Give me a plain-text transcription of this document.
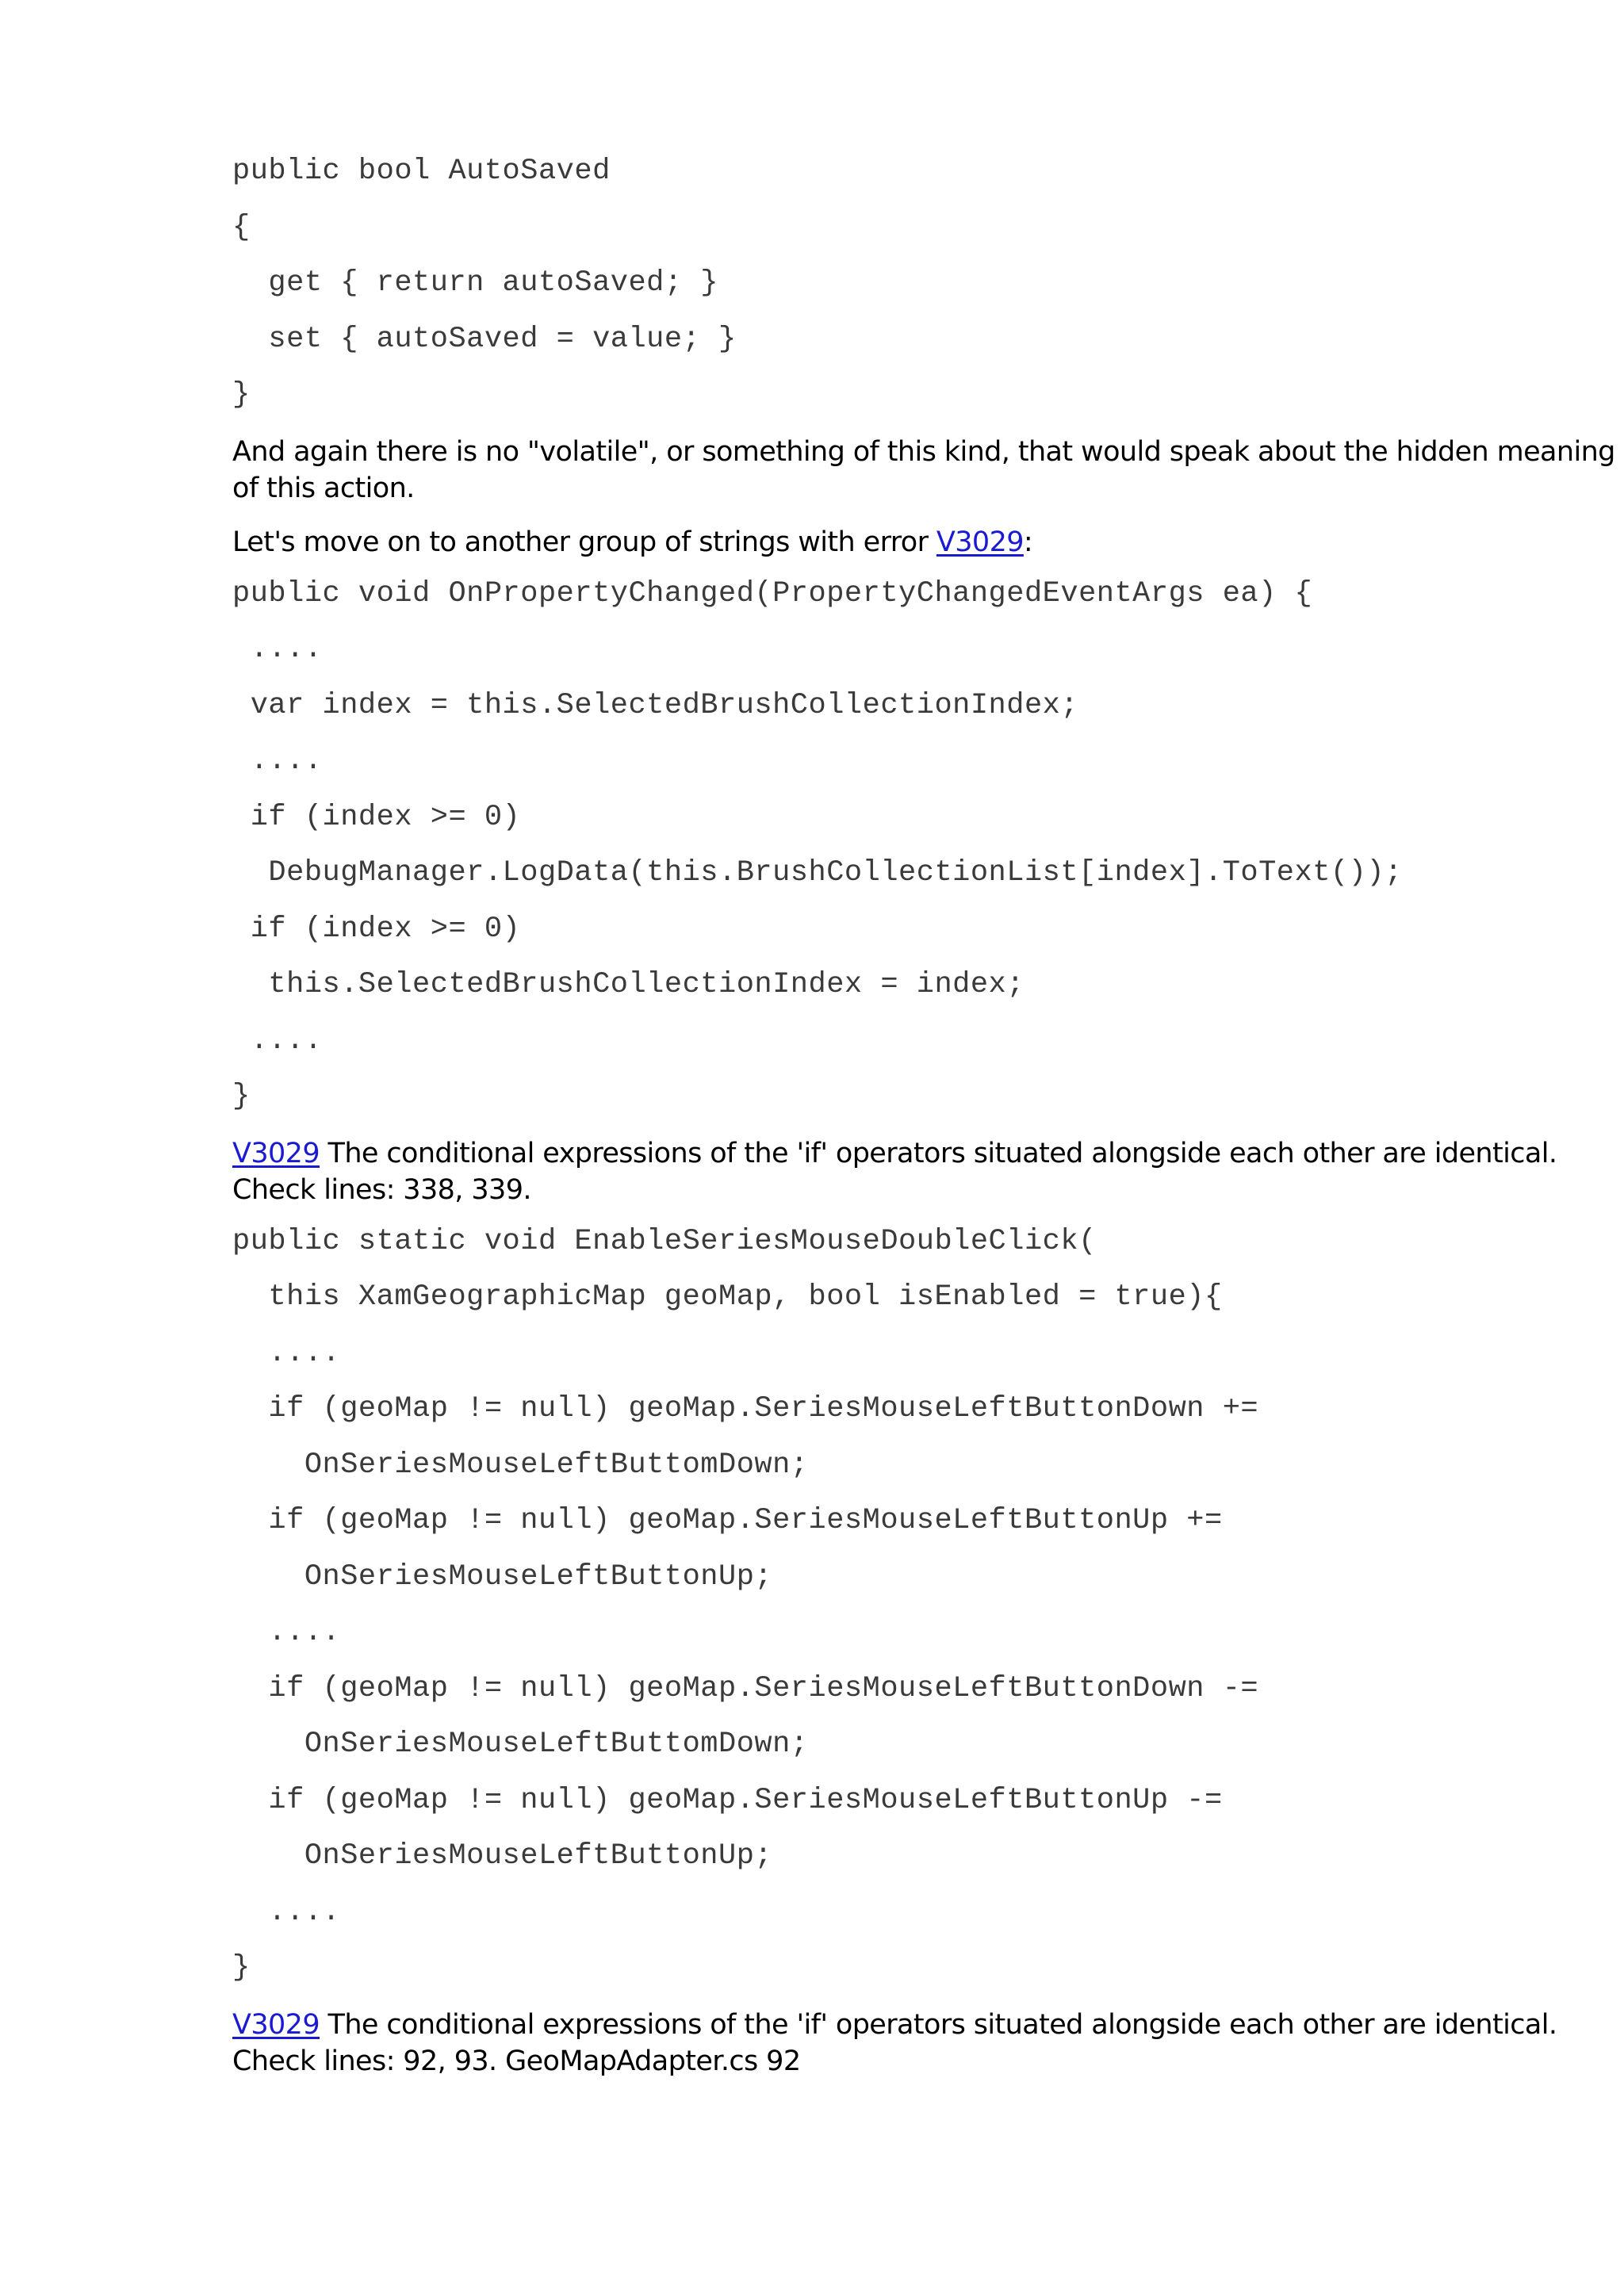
public bool AutoSaved
{
get { return autoSaved; }
set { autoSaved = value; }
}

And again there is no "volatile", or something of this kind, that would speak about the hidden meaning
of this action.

Let's move on to another group of strings with error V3029:

public void OnPropertyChanged(PropertyChangedEventArgs ea) {
....
var index = this.SelectedBrushCollectionIndex;
....
if (index >= 0)
DebugManager.LogData(this.BrushCollectionList[index].ToText());
if (index >= 0)
this.SelectedBrushCollectionIndex = index;
....
}

V3029 The conditional expressions of the 'if' operators situated alongside each other are identical.
Check lines: 338, 339.

public static void EnableSeriesMouseDoubleClick(
this XamGeographicMap geoMap, bool isEnabled = true){
....
if (geoMap != null) geoMap.SeriesMouseLeftButtonDown +=
OnSeriesMouseLeftButtomDown;
if (geoMap != null) geoMap.SeriesMouseLeftButtonUp +=
OnSeriesMouseLeftButtonUp;
....
if (geoMap != null) geoMap.SeriesMouseLeftButtonDown -=
OnSeriesMouseLeftButtomDown;
if (geoMap != null) geoMap.SeriesMouseLeftButtonUp -=
OnSeriesMouseLeftButtonUp;
....
}

V3029 The conditional expressions of the 'if' operators situated alongside each other are identical.
Check lines: 92, 93. GeoMapAdapter.cs 92
